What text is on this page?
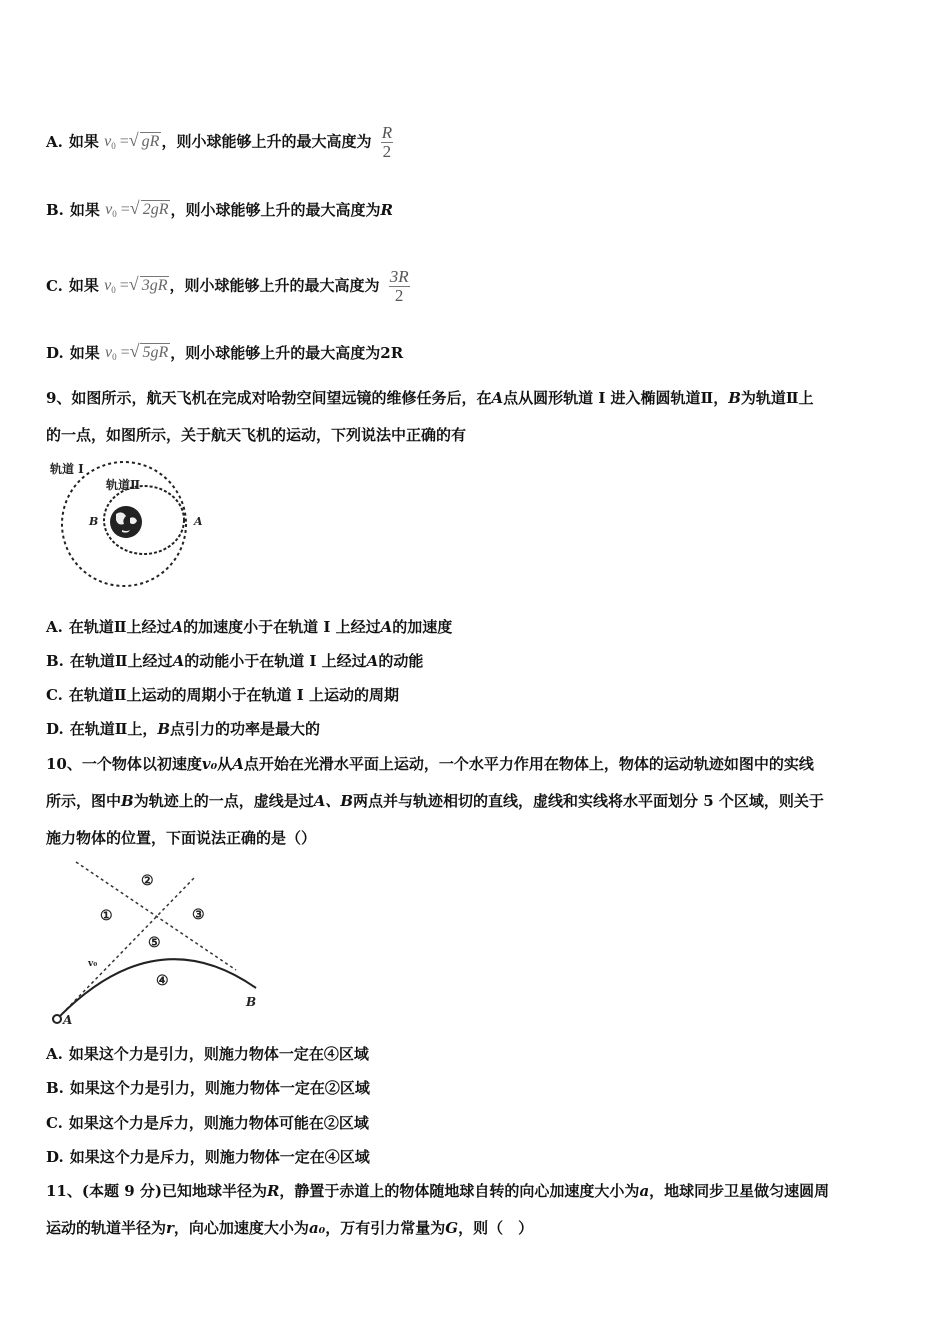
A. 如果 v0 =√ gR ，则小球能够上升的最大高度为 $\frac{R}{2}$
B. 如果 v0 =√ 2gR ，则小球能够上升的最大高度为R
C. 如果 v0 =√ 3gR ，则小球能够上升的最大高度为 $\frac{3R}{2}$
D. 如果 v0 =√ 5gR ，则小球能够上升的最大高度为2R
9、如图所示，航天飞机在完成对哈勃空间望远镜的维修任务后，在A点从圆形轨道 I 进入椭圆轨道Ⅱ，B为轨道Ⅱ上
的一点，如图所示，关于航天飞机的运动，下列说法中正确的有
轨道 I
轨道Ⅱ
B	A
A. 在轨道Ⅱ上经过A的加速度小于在轨道 I 上经过A的加速度
B. 在轨道Ⅱ上经过A的动能小于在轨道 I 上经过A的动能
C. 在轨道Ⅱ上运动的周期小于在轨道 I 上运动的周期
D. 在轨道Ⅱ上，B点引力的功率是最大的
10、一个物体以初速度v₀从A点开始在光滑水平面上运动，一个水平力作用在物体上，物体的运动轨迹如图中的实线
所示，图中B为轨迹上的一点，虚线是过A、B两点并与轨迹相切的直线，虚线和实线将水平面划分 5 个区域，则关于
施力物体的位置，下面说法正确的是（）
A
B
v₀
①
②
③
⑤
④
A. 如果这个力是引力，则施力物体一定在④区域
B. 如果这个力是引力，则施力物体一定在②区域
C. 如果这个力是斥力，则施力物体可能在②区域
D. 如果这个力是斥力，则施力物体一定在④区域
11、(本题 9 分)已知地球半径为R，静置于赤道上的物体随地球自转的向心加速度大小为a，地球同步卫星做匀速圆周
运动的轨道半径为r，向心加速度大小为a₀，万有引力常量为G，则（　）
